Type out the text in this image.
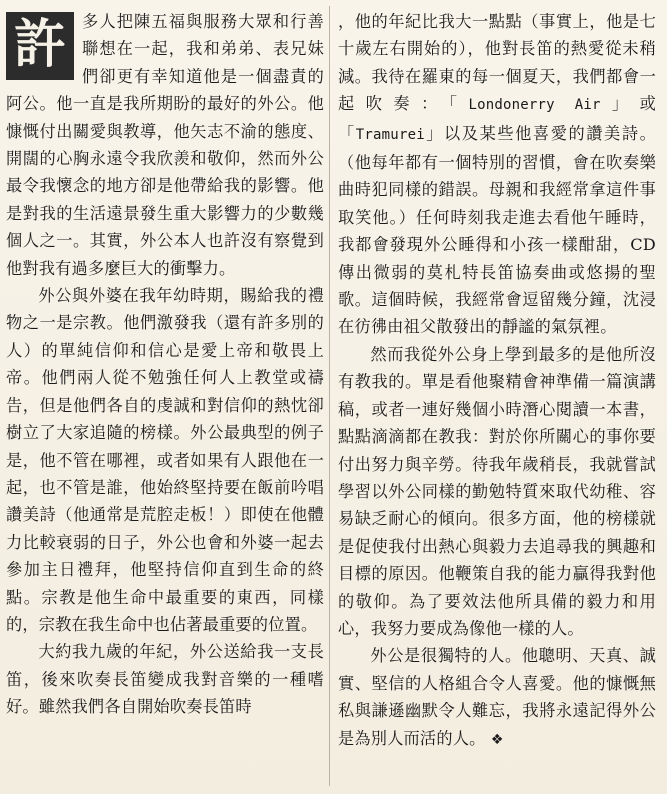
許 多人把陳五福與服務大眾和行善聯想在一起，我和弟弟、表兄妹們卻更有幸知道他是一個盡責的阿公。他一直是我所期盼的最好的外公。他慷慨付出關愛與教導，他矢志不渝的態度、開闊的心胸永遠令我欣羨和敬仰，然而外公最令我懷念的地方卻是他帶給我的影響。他是對我的生活遠景發生重大影響力的少數幾個人之一。其實，外公本人也許沒有察覺到他對我有過多麼巨大的衝擊力。

外公與外婆在我年幼時期，賜給我的禮物之一是宗教。他們激發我（還有許多別的人）的單純信仰和信心是愛上帝和敬畏上帝。他們兩人從不勉強任何人上教堂或禱告，但是他們各自的虔誠和對信仰的熱忱卻樹立了大家追隨的榜樣。外公最典型的例子是，他不管在哪裡，或者如果有人跟他在一起，也不管是誰，他始終堅持要在飯前吟唱讚美詩（他通常是荒腔走板！）即使在他體力比較衰弱的日子，外公也會和外婆一起去參加主日禮拜，他堅持信仰直到生命的終點。宗教是他生命中最重要的東西，同樣的，宗教在我生命中也佔著最重要的位置。

大約我九歲的年紀，外公送給我一支長笛，後來吹奏長笛變成我對音樂的一種嗜好。雖然我們各自開始吹奏長笛時

，他的年紀比我大一點點（事實上，他是七十歲左右開始的），他對長笛的熱愛從未稍減。我待在羅東的每一個夏天，我們都會一起吹奏：「Londonerry Air」或「Tramurei」以及某些他喜愛的讚美詩。（他每年都有一個特別的習慣，會在吹奏樂曲時犯同樣的錯誤。母親和我經常拿這件事取笑他。）任何時刻我走進去看他午睡時，我都會發現外公睡得和小孩一樣酣甜，CD傳出微弱的莫札特長笛協奏曲或悠揚的聖歌。這個時候，我經常會逗留幾分鐘，沈浸在彷彿由祖父散發出的靜謐的氣氛裡。

然而我從外公身上學到最多的是他所沒有教我的。單是看他聚精會神準備一篇演講稿，或者一連好幾個小時潛心閱讀一本書，點點滴滴都在教我：對於你所關心的事你要付出努力與辛勞。待我年歲稍長，我就嘗試學習以外公同樣的勤勉特質來取代幼稚、容易缺乏耐心的傾向。很多方面，他的榜樣就是促使我付出熱心與毅力去追尋我的興趣和目標的原因。他鞭策自我的能力贏得我對他的敬仰。為了要效法他所具備的毅力和用心，我努力要成為像他一樣的人。

外公是很獨特的人。他聰明、天真、誠實、堅信的人格組合令人喜愛。他的慷慨無私與謙遜幽默令人難忘，我將永遠記得外公是為別人而活的人。 ❖
